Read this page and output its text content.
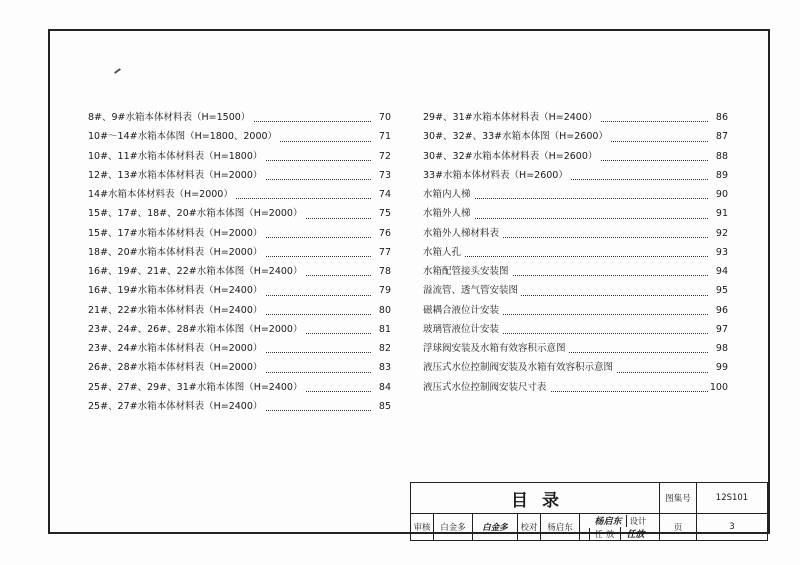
8#、9#水箱本体材料表（H=1500）	70
10#～14#水箱本体图（H=1800、2000）	71
10#、11#水箱本体材料表（H=1800）	72
12#、13#水箱本体材料表（H=2000）	73
14#水箱本体材料表（H=2000）	74
15#、17#、18#、20#水箱本体图（H=2000）	75
15#、17#水箱本体材料表（H=2000）	76
18#、20#水箱本体材料表（H=2000）	77
16#、19#、21#、22#水箱本体图（H=2400）	78
16#、19#水箱本体材料表（H=2400）	79
21#、22#水箱本体材料表（H=2400）	80
23#、24#、26#、28#水箱本体图（H=2000）	81
23#、24#水箱本体材料表（H=2000）	82
26#、28#水箱本体材料表（H=2000）	83
25#、27#、29#、31#水箱本体图（H=2400）	84
25#、27#水箱本体材料表（H=2400）	85
29#、31#水箱本体材料表（H=2400）	86
30#、32#、33#水箱本体图（H=2600）	87
30#、32#水箱本体材料表（H=2600）	88
33#水箱本体材料表（H=2600）	89
水箱内人梯	90
水箱外人梯	91
水箱外人梯材料表	92
水箱人孔	93
水箱配管接头安装图	94
溢流管、透气管安装图	95
磁耦合液位计安装	96
玻璃管液位计安装	97
浮球阀安装及水箱有效容积示意图	98
液压式水位控制阀安装及水箱有效容积示意图	99
液压式水位控制阀安装尺寸表	100
目录						图集号	12S101
审核	白金多	白金多	校对	杨启东	杨启东 设计任 放 任放	页	3
